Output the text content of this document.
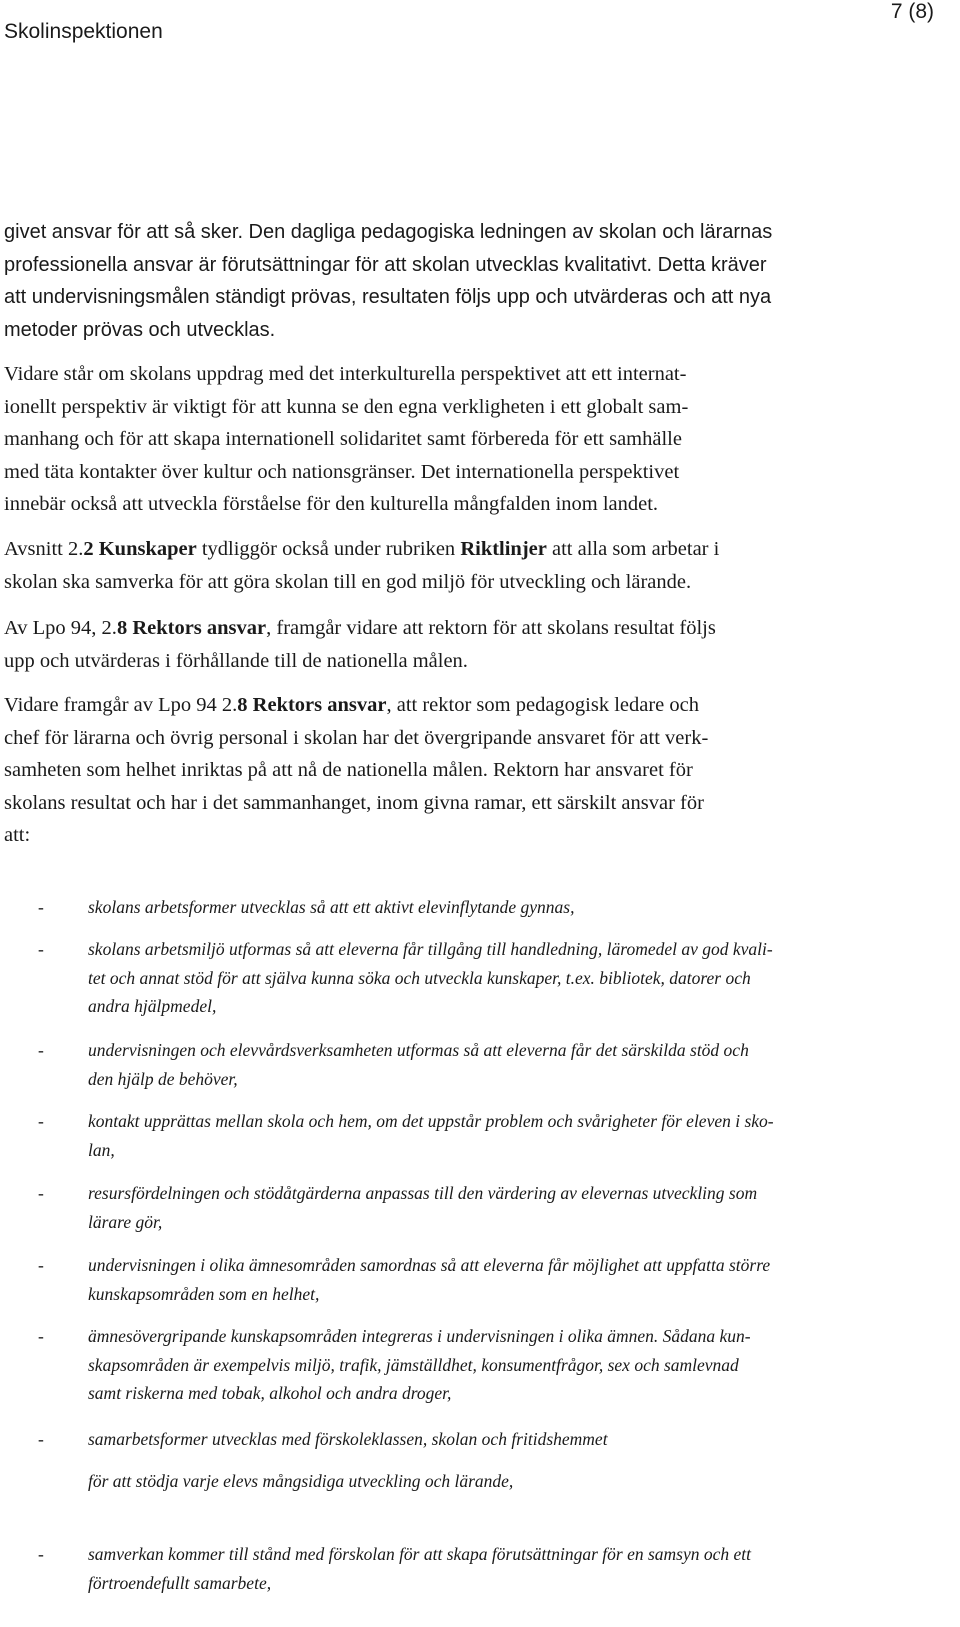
Skolinspektionen
7 (8)
givet ansvar för att så sker. Den dagliga pedagogiska ledningen av skolan och lärarnas
professionella ansvar är förutsättningar för att skolan utvecklas kvalitativt. Detta kräver
att undervisningsmålen ständigt prövas, resultaten följs upp och utvärderas och att nya
metoder prövas och utvecklas.
Vidare står om skolans uppdrag med det interkulturella perspektivet att ett internat-
ionellt perspektiv är viktigt för att kunna se den egna verkligheten i ett globalt sam-
manhang och för att skapa internationell solidaritet samt förbereda för ett samhälle
med täta kontakter över kultur och nationsgränser. Det internationella perspektivet
innebär också att utveckla förståelse för den kulturella mångfalden inom landet.
Avsnitt 2.2 Kunskaper tydliggör också under rubriken Riktlinjer att alla som arbetar i
skolan ska samverka för att göra skolan till en god miljö för utveckling och lärande.
Av Lpo 94, 2.8 Rektors ansvar, framgår vidare att rektorn för att skolans resultat följs
upp och utvärderas i förhållande till de nationella målen.
Vidare framgår av Lpo 94 2.8 Rektors ansvar, att rektor som pedagogisk ledare och
chef för lärarna och övrig personal i skolan har det övergripande ansvaret för att verk-
samheten som helhet inriktas på att nå de nationella målen. Rektorn har ansvaret för
skolans resultat och har i det sammanhanget, inom givna ramar, ett särskilt ansvar för
att:
-	skolans arbetsformer utvecklas så att ett aktivt elevinflytande gynnas,
-	skolans arbetsmiljö utformas så att eleverna får tillgång till handledning, läromedel av god kvali-
tet och annat stöd för att själva kunna söka och utveckla kunskaper, t.ex. bibliotek, datorer och
andra hjälpmedel,
-	undervisningen och elevvårdsverksamheten utformas så att eleverna får det särskilda stöd och
den hjälp de behöver,
-	kontakt upprättas mellan skola och hem, om det uppstår problem och svårigheter för eleven i sko-
lan,
-	resursfördelningen och stödåtgärderna anpassas till den värdering av elevernas utveckling som
lärare gör,
-	undervisningen i olika ämnesområden samordnas så att eleverna får möjlighet att uppfatta större
kunskapsområden som en helhet,
-	ämnesövergripande kunskapsområden integreras i undervisningen i olika ämnen. Sådana kun-
skapsområden är exempelvis miljö, trafik, jämställdhet, konsumentfrågor, sex och samlevnad
samt riskerna med tobak, alkohol och andra droger,
-	samarbetsformer utvecklas med förskoleklassen, skolan och fritidshemmet
för att stödja varje elevs mångsidiga utveckling och lärande,
-	samverkan kommer till stånd med förskolan för att skapa förutsättningar för en samsyn och ett
förtroendefullt samarbete,
